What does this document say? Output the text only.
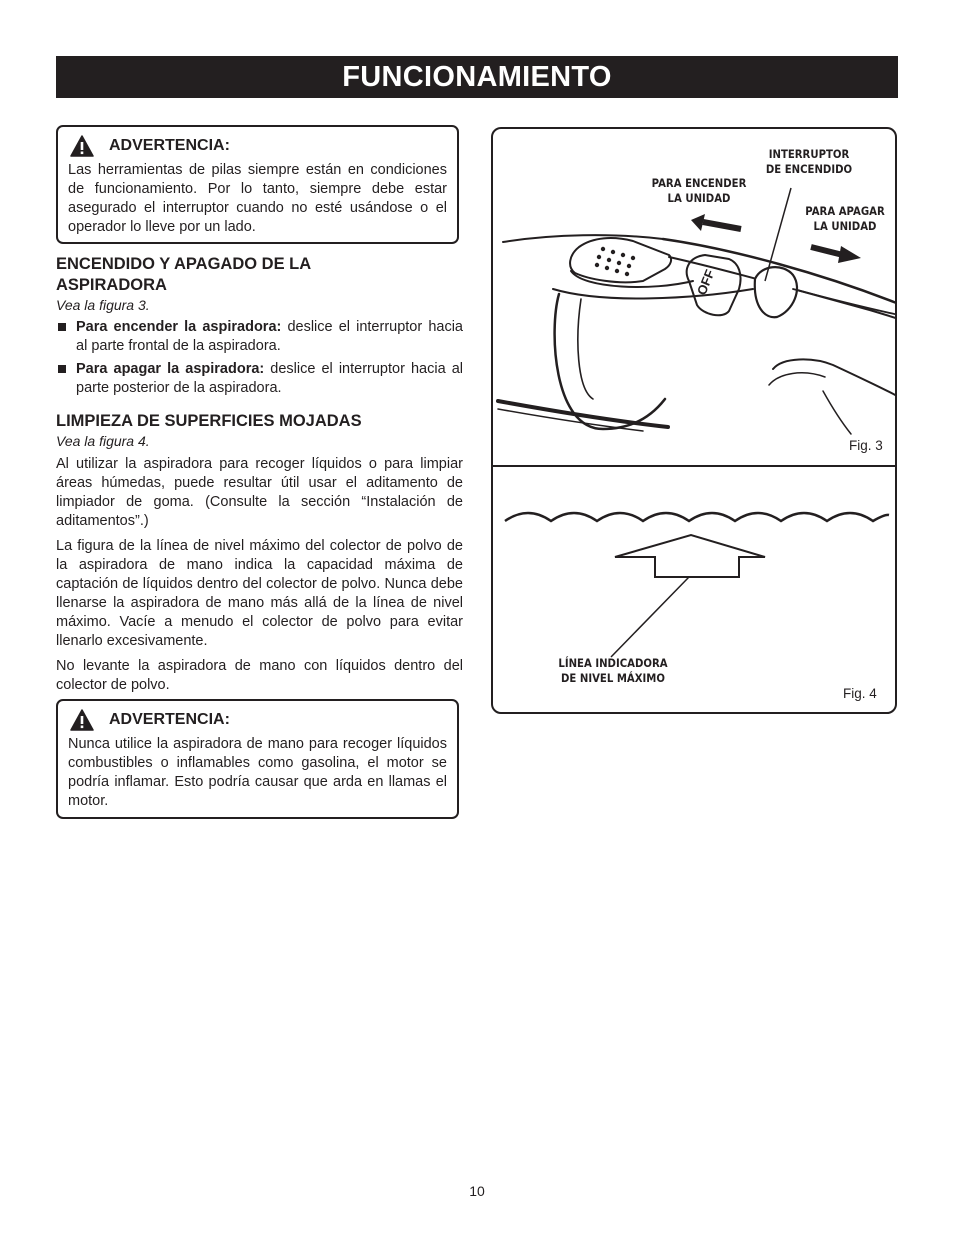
FUNCIONAMIENTO
ADVERTENCIA:
Las herramientas de pilas siempre están en condiciones de funcionamiento. Por lo tanto, siempre debe estar asegurado el interruptor cuando no esté usándose o el operador lo lleve por un lado.
ENCENDIDO Y APAGADO DE LA
ASPIRADORA
Vea la figura 3.
Para encender la aspiradora: deslice el interruptor hacia al parte frontal de la aspiradora.
Para apagar la aspiradora: deslice el interruptor hacia al parte posterior de la aspiradora.
LIMPIEZA DE SUPERFICIES MOJADAS
Vea la figura 4.
Al utilizar la aspiradora para recoger líquidos o para limpiar áreas húmedas, puede resultar útil usar el aditamento de limpiador de goma. (Consulte la sección “Instalación de aditamentos”.)
La figura de la línea de nivel máximo del colector de polvo de la aspiradora de mano indica la capacidad máxima de captación de líquidos dentro del colector de polvo. Nunca debe llenarse la aspiradora de mano más allá de la línea de nivel máximo. Vacíe a menudo el colector de polvo para evitar llenarlo excesivamente.
No levante la aspiradora de mano con líquidos dentro del colector de polvo.
ADVERTENCIA:
Nunca utilice la aspiradora de mano para recoger líquidos combustibles o inflamables como gasolina, el motor se podría inflamar. Esto podría causar que arda en llamas el motor.
OFF
INTERRUPTOR
DE ENCENDIDO
PARA ENCENDER
LA UNIDAD
PARA APAGAR
LA UNIDAD
Fig. 3
LÍNEA INDICADORA
DE NIVEL MÁXIMO
Fig. 4
10
